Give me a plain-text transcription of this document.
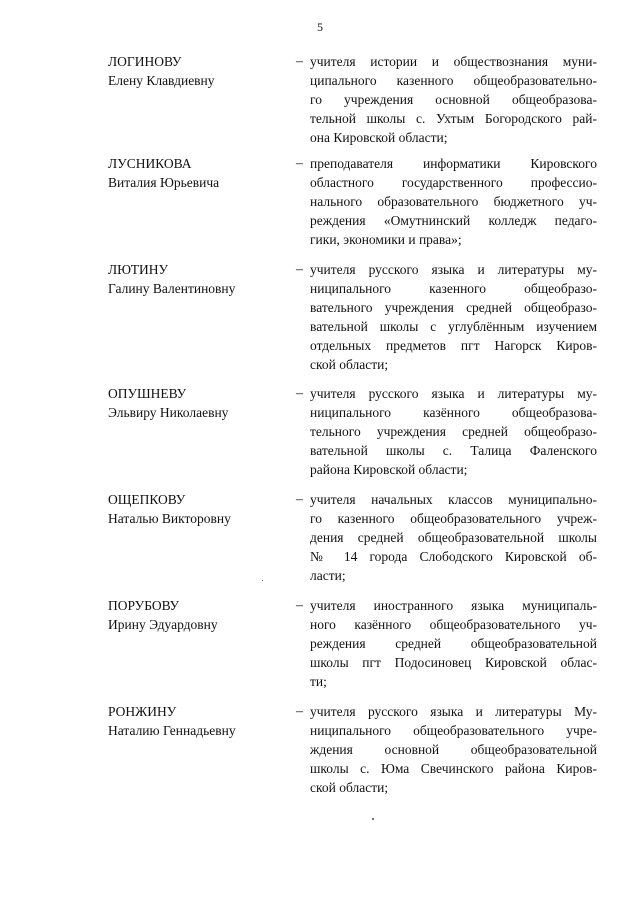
5
ЛОГИНОВУ
Елену Клавдиевну
– учителя истории и обществознания муни-
ципального казенного общеобразовательно-
го учреждения основной общеобразова-
тельной школы с. Ухтым Богородского рай-
она Кировской области;
ЛУСНИКОВА
Виталия Юрьевича
– преподавателя информатики Кировского
областного государственного профессио-
нального образовательного бюджетного уч-
реждения «Омутнинский колледж педаго-
гики, экономики и права»;
ЛЮТИНУ
Галину Валентиновну
– учителя русского языка и литературы му-
ниципального казенного общеобразо-
вательного учреждения средней общеобразо-
вательной школы с углублённым изучением
отдельных предметов пгт Нагорск Киров-
ской области;
ОПУШНЕВУ
Эльвиру Николаевну
– учителя русского языка и литературы му-
ниципального казённого общеобразова-
тельного учреждения средней общеобразо-
вательной школы с. Талица Фаленского
района Кировской области;
ОЩЕПКОВУ
Наталью Викторовну
– учителя начальных классов муниципально-
го казенного общеобразовательного учреж-
дения средней общеобразовательной школы
№ 14 города Слободского Кировской об-
ласти;
ПОРУБОВУ
Ирину Эдуардовну
– учителя иностранного языка муниципаль-
ного казённого общеобразовательного уч-
реждения средней общеобразовательной
школы пгт Подосиновец Кировской облас-
ти;
РОНЖИНУ
Наталию Геннадьевну
– учителя русского языка и литературы Му-
ниципального общеобразовательного учре-
ждения основной общеобразовательной
школы с. Юма Свечинского района Киров-
ской области;
